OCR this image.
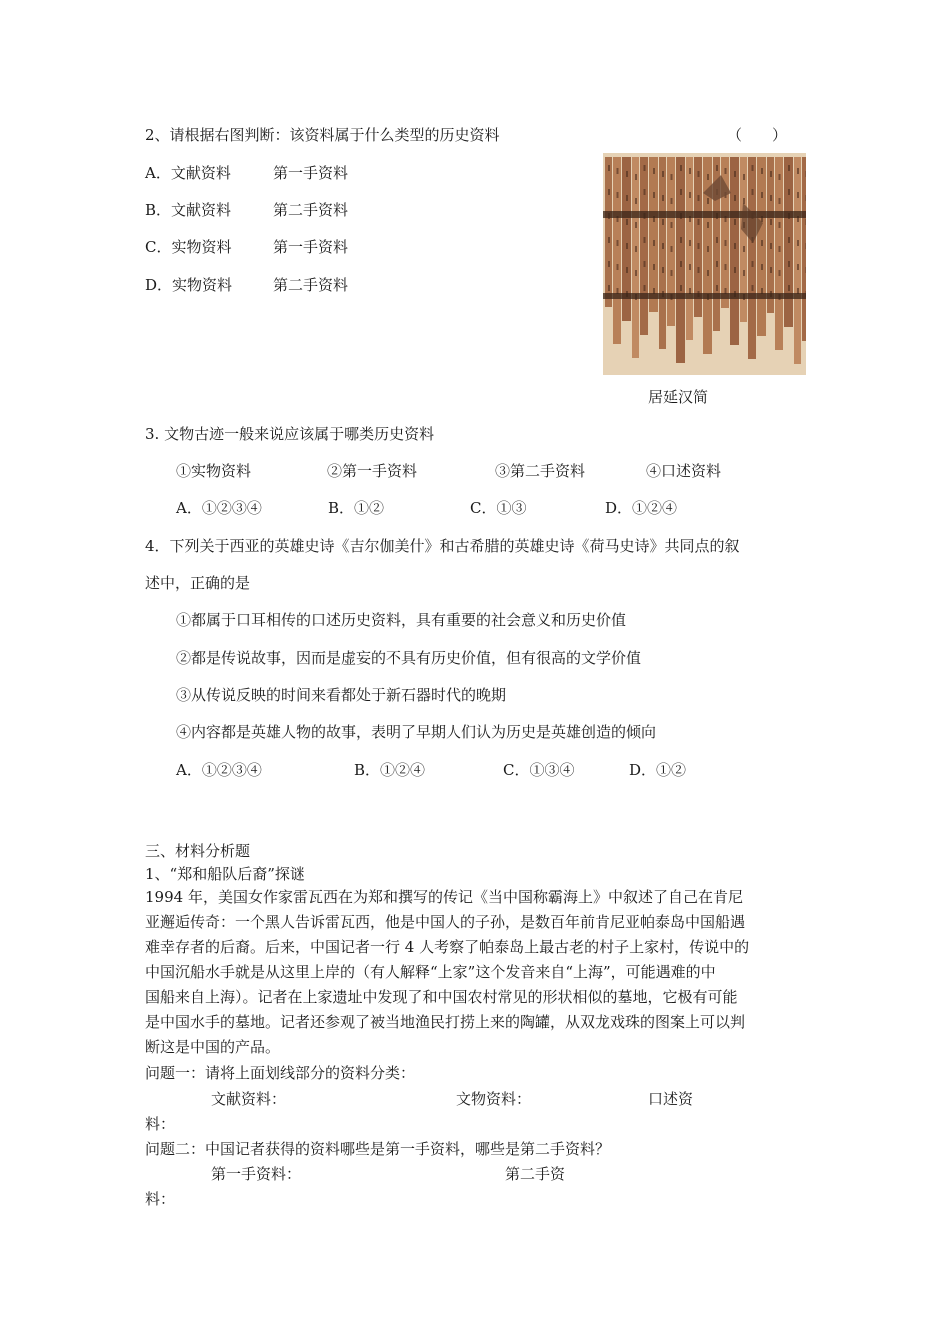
2、请根据右图判断：该资料属于什么类型的历史资料	（　　）
A．文献资料	第一手资料
B．文献资料	第二手资料
C．实物资料	第一手资料
D．实物资料	第二手资料
居延汉简
3. 文物古迹一般来说应该属于哪类历史资料
①实物资料	②第一手资料	③第二手资料	④口述资料
A．①②③④	B．①②	C．①③	D．①②④
4．下列关于西亚的英雄史诗《吉尔伽美什》和古希腊的英雄史诗《荷马史诗》共同点的叙
述中，正确的是
①都属于口耳相传的口述历史资料，具有重要的社会意义和历史价值
②都是传说故事，因而是虚妄的不具有历史价值，但有很高的文学价值
③从传说反映的时间来看都处于新石器时代的晚期
④内容都是英雄人物的故事，表明了早期人们认为历史是英雄创造的倾向
A．①②③④	B．①②④	C．①③④	D．①②
三、材料分析题
1、“郑和船队后裔”探谜
1994 年，美国女作家雷瓦西在为郑和撰写的传记《当中国称霸海上》中叙述了自己在肯尼
亚邂逅传奇：一个黑人告诉雷瓦西，他是中国人的子孙，是数百年前肯尼亚帕泰岛中国船遇
难幸存者的后裔。后来，中国记者一行 4 人考察了帕泰岛上最古老的村子上家村，传说中的
中国沉船水手就是从这里上岸的（有人解释“上家”这个发音来自“上海”，可能遇难的中
国船来自上海）。记者在上家遗址中发现了和中国农村常见的形状相似的墓地，它极有可能
是中国水手的墓地。记者还参观了被当地渔民打捞上来的陶罐，从双龙戏珠的图案上可以判
断这是中国的产品。
问题一：请将上面划线部分的资料分类：
文献资料：	文物资料：	口述资
料：
问题二：中国记者获得的资料哪些是第一手资料，哪些是第二手资料？
第一手资料：	第二手资
料：
